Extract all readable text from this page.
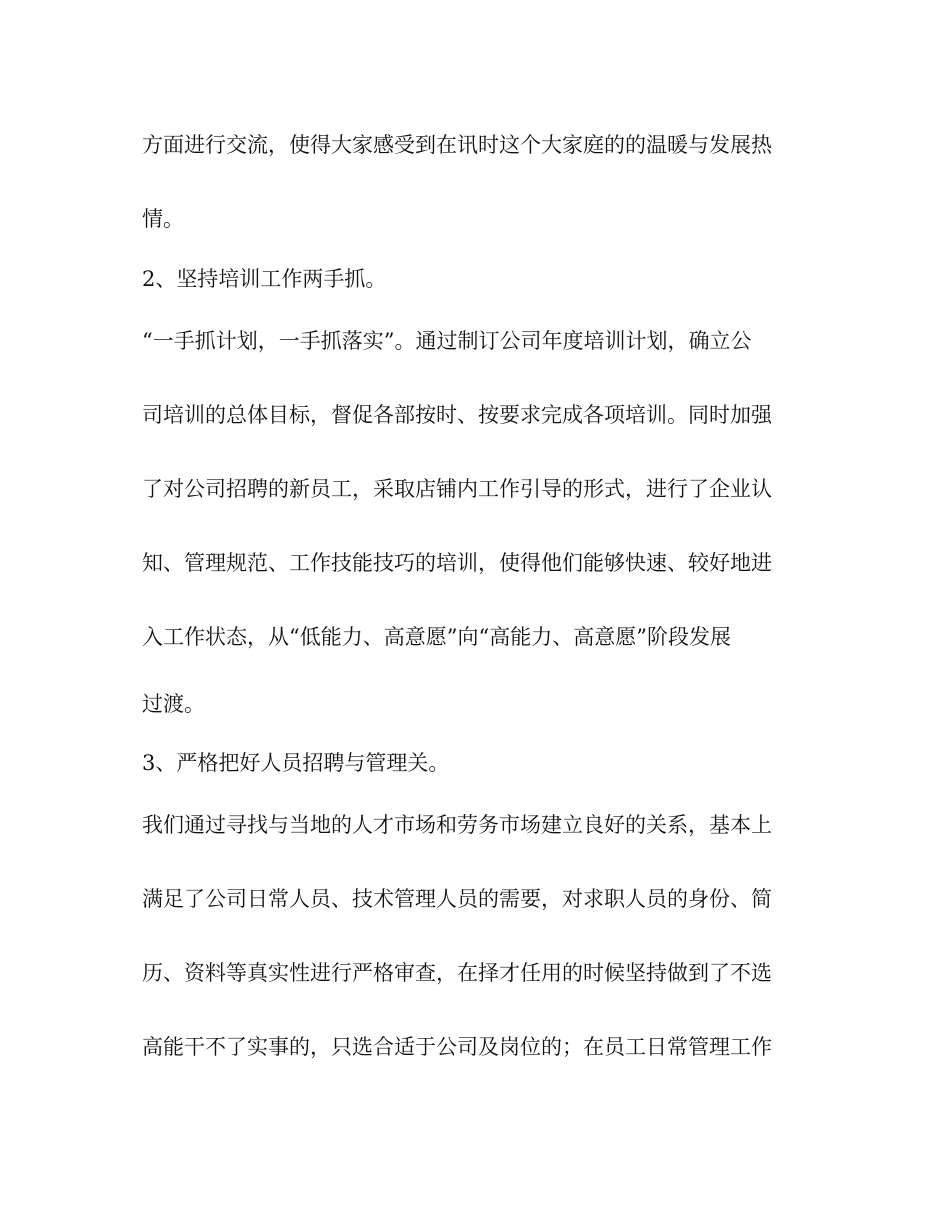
方面进行交流，使得大家感受到在讯时这个大家庭的的温暖与发展热
情。
2、坚持培训工作两手抓。
“一手抓计划，一手抓落实”。通过制订公司年度培训计划，确立公
司培训的总体目标，督促各部按时、按要求完成各项培训。同时加强
了对公司招聘的新员工，采取店铺内工作引导的形式，进行了企业认
知、管理规范、工作技能技巧的培训，使得他们能够快速、较好地进
入工作状态，从“低能力、高意愿”向“高能力、高意愿”阶段发展
过渡。
3、严格把好人员招聘与管理关。
我们通过寻找与当地的人才市场和劳务市场建立良好的关系，基本上
满足了公司日常人员、技术管理人员的需要，对求职人员的身份、简
历、资料等真实性进行严格审查，在择才任用的时候坚持做到了不选
高能干不了实事的，只选合适于公司及岗位的；在员工日常管理工作
